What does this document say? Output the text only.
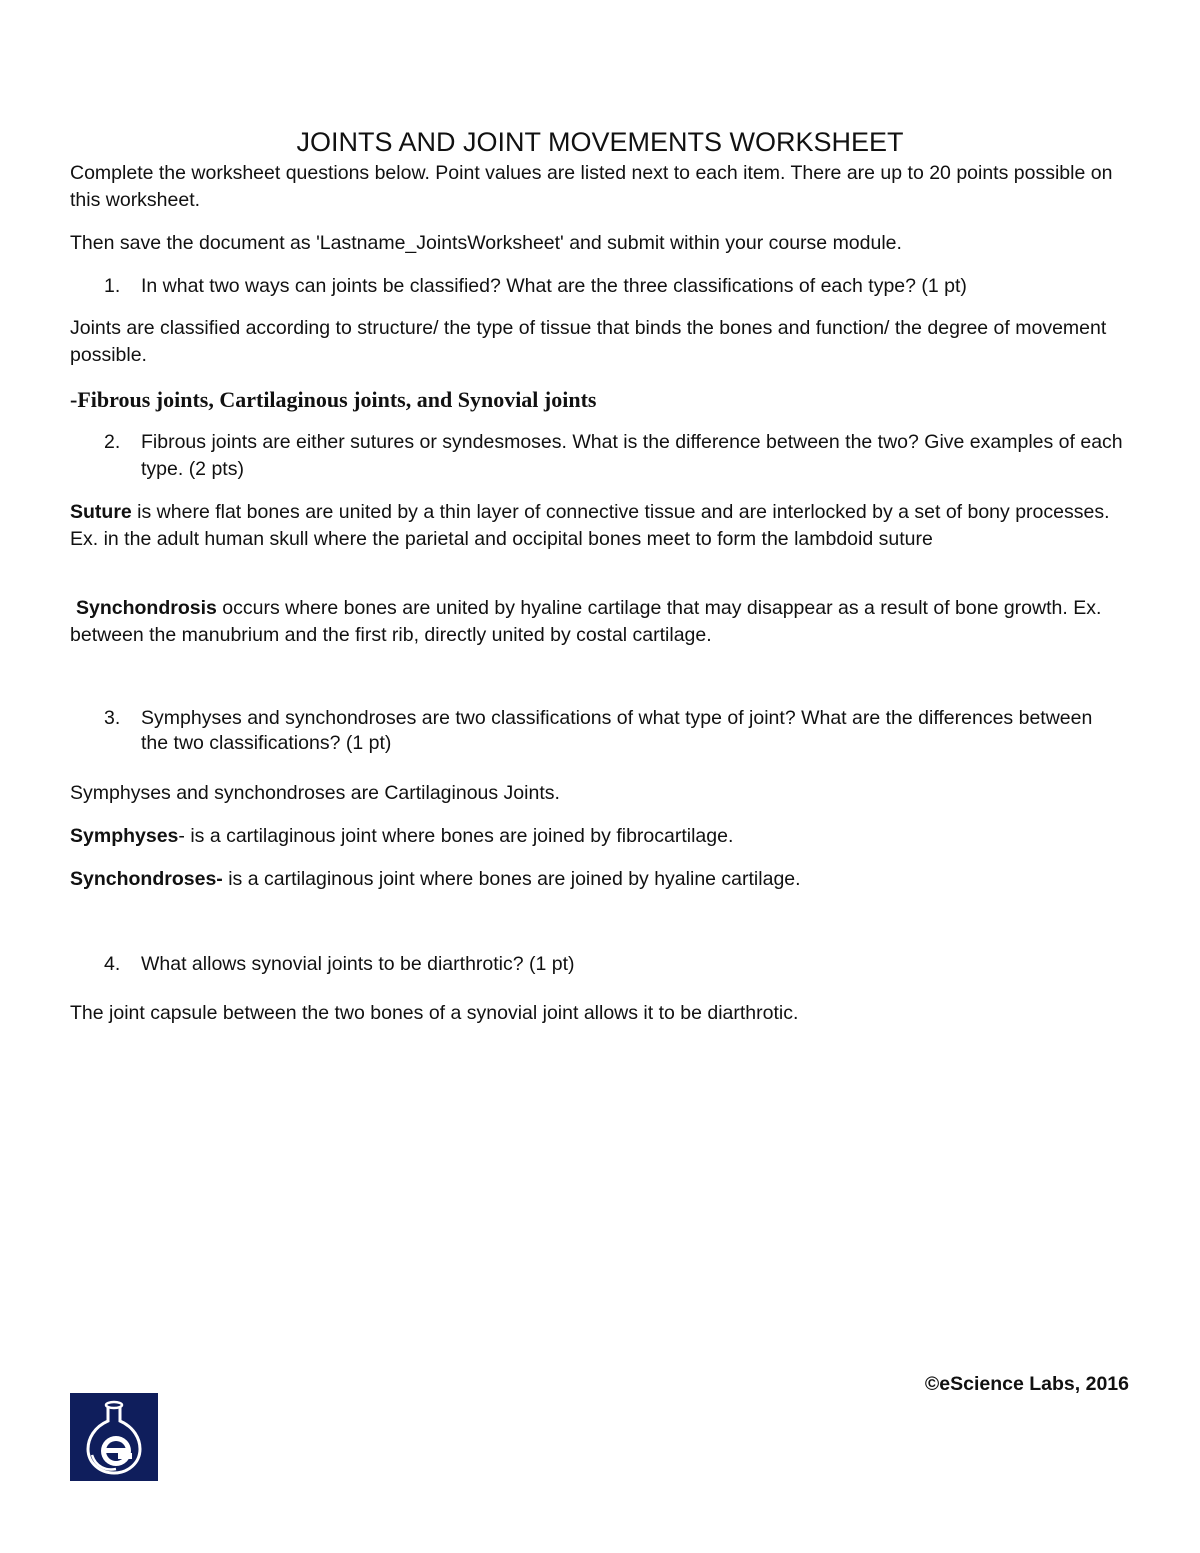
JOINTS AND JOINT MOVEMENTS WORKSHEET

Complete the worksheet questions below. Point values are listed next to each item. There are up to 20 points possible on this worksheet.

Then save the document as 'Lastname_JointsWorksheet' and submit within your course module.

1.	In what two ways can joints be classified? What are the three classifications of each type? (1 pt)

Joints are classified according to structure/ the type of tissue that binds the bones and function/ the degree of movement possible.

-Fibrous joints, Cartilaginous joints, and Synovial joints

2.	Fibrous joints are either sutures or syndesmoses. What is the difference between the two? Give examples of each type. (2 pts)

Suture is where flat bones are united by a thin layer of connective tissue and are interlocked by a set of bony processes. Ex. in the adult human skull where the parietal and occipital bones meet to form the lambdoid suture

Synchondrosis occurs where bones are united by hyaline cartilage that may disappear as a result of bone growth. Ex. between the manubrium and the first rib, directly united by costal cartilage.

3.	Symphyses and synchondroses are two classifications of what type of joint? What are the differences between the two classifications? (1 pt)

Symphyses and synchondroses are Cartilaginous Joints.

Symphyses- is a cartilaginous joint where bones are joined by fibrocartilage.

Synchondroses- is a cartilaginous joint where bones are joined by hyaline cartilage.

4.	What allows synovial joints to be diarthrotic? (1 pt)

The joint capsule between the two bones of a synovial joint allows it to be diarthrotic.

©eScience Labs, 2016
